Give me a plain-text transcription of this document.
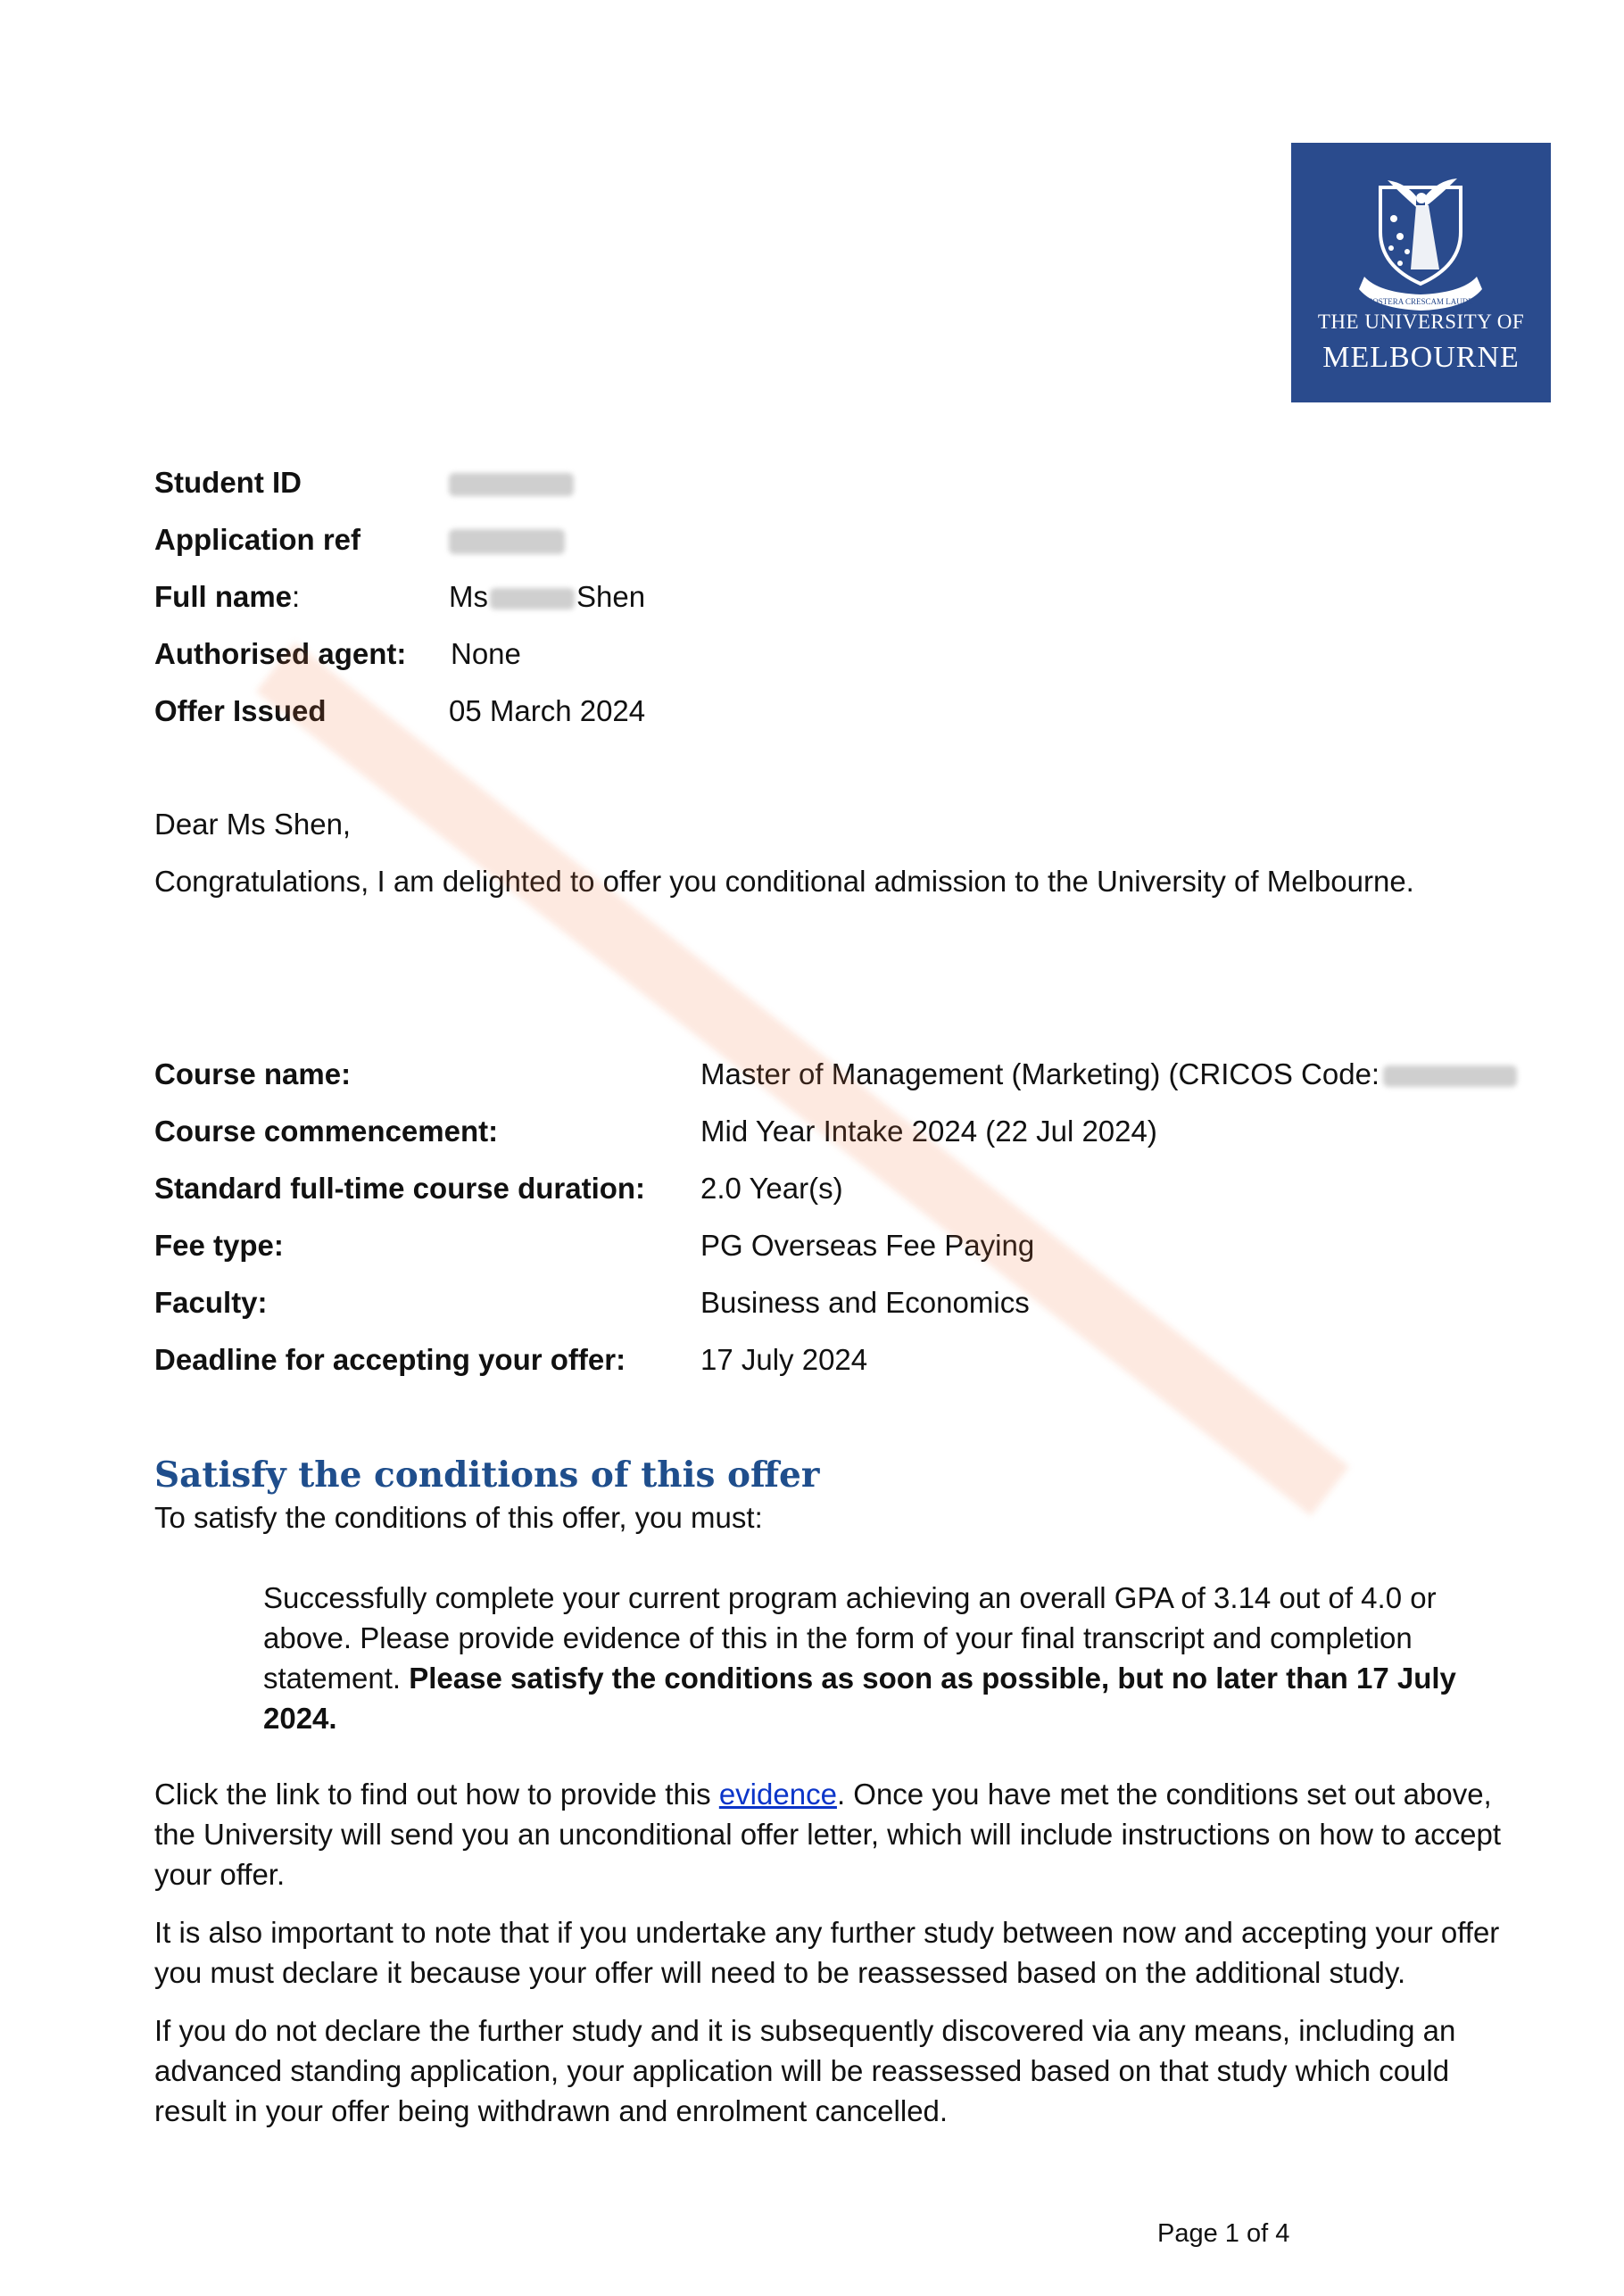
POSTERA CRESCAM LAUDE
THE UNIVERSITY OF
MELBOURNE
Student ID
Application ref
Full name:	Ms	Shen
Authorised agent: None
Offer Issued	05 March 2024
Dear Ms Shen,
Congratulations, I am delighted to offer you conditional admission to the University of Melbourne.
Course name:	Master of Management (Marketing) (CRICOS Code:
Course commencement:	Mid Year Intake 2024 (22 Jul 2024)
Standard full-time course duration: 2.0 Year(s)
Fee type:	PG Overseas Fee Paying
Faculty:	Business and Economics
Deadline for accepting your offer:	17 July 2024
Satisfy the conditions of this offer
To satisfy the conditions of this offer, you must:

Successfully complete your current program achieving an overall GPA of 3.14 out of 4.0 or above. Please provide evidence of this in the form of your final transcript and completion statement. Please satisfy the conditions as soon as possible, but no later than 17 July 2024.

Click the link to find out how to provide this evidence. Once you have met the conditions set out above, the University will send you an unconditional offer letter, which will include instructions on how to accept your offer.

It is also important to note that if you undertake any further study between now and accepting your offer you must declare it because your offer will need to be reassessed based on the additional study.

If you do not declare the further study and it is subsequently discovered via any means, including an advanced standing application, your application will be reassessed based on that study which could result in your offer being withdrawn and enrolment cancelled.

Page 1 of 4
